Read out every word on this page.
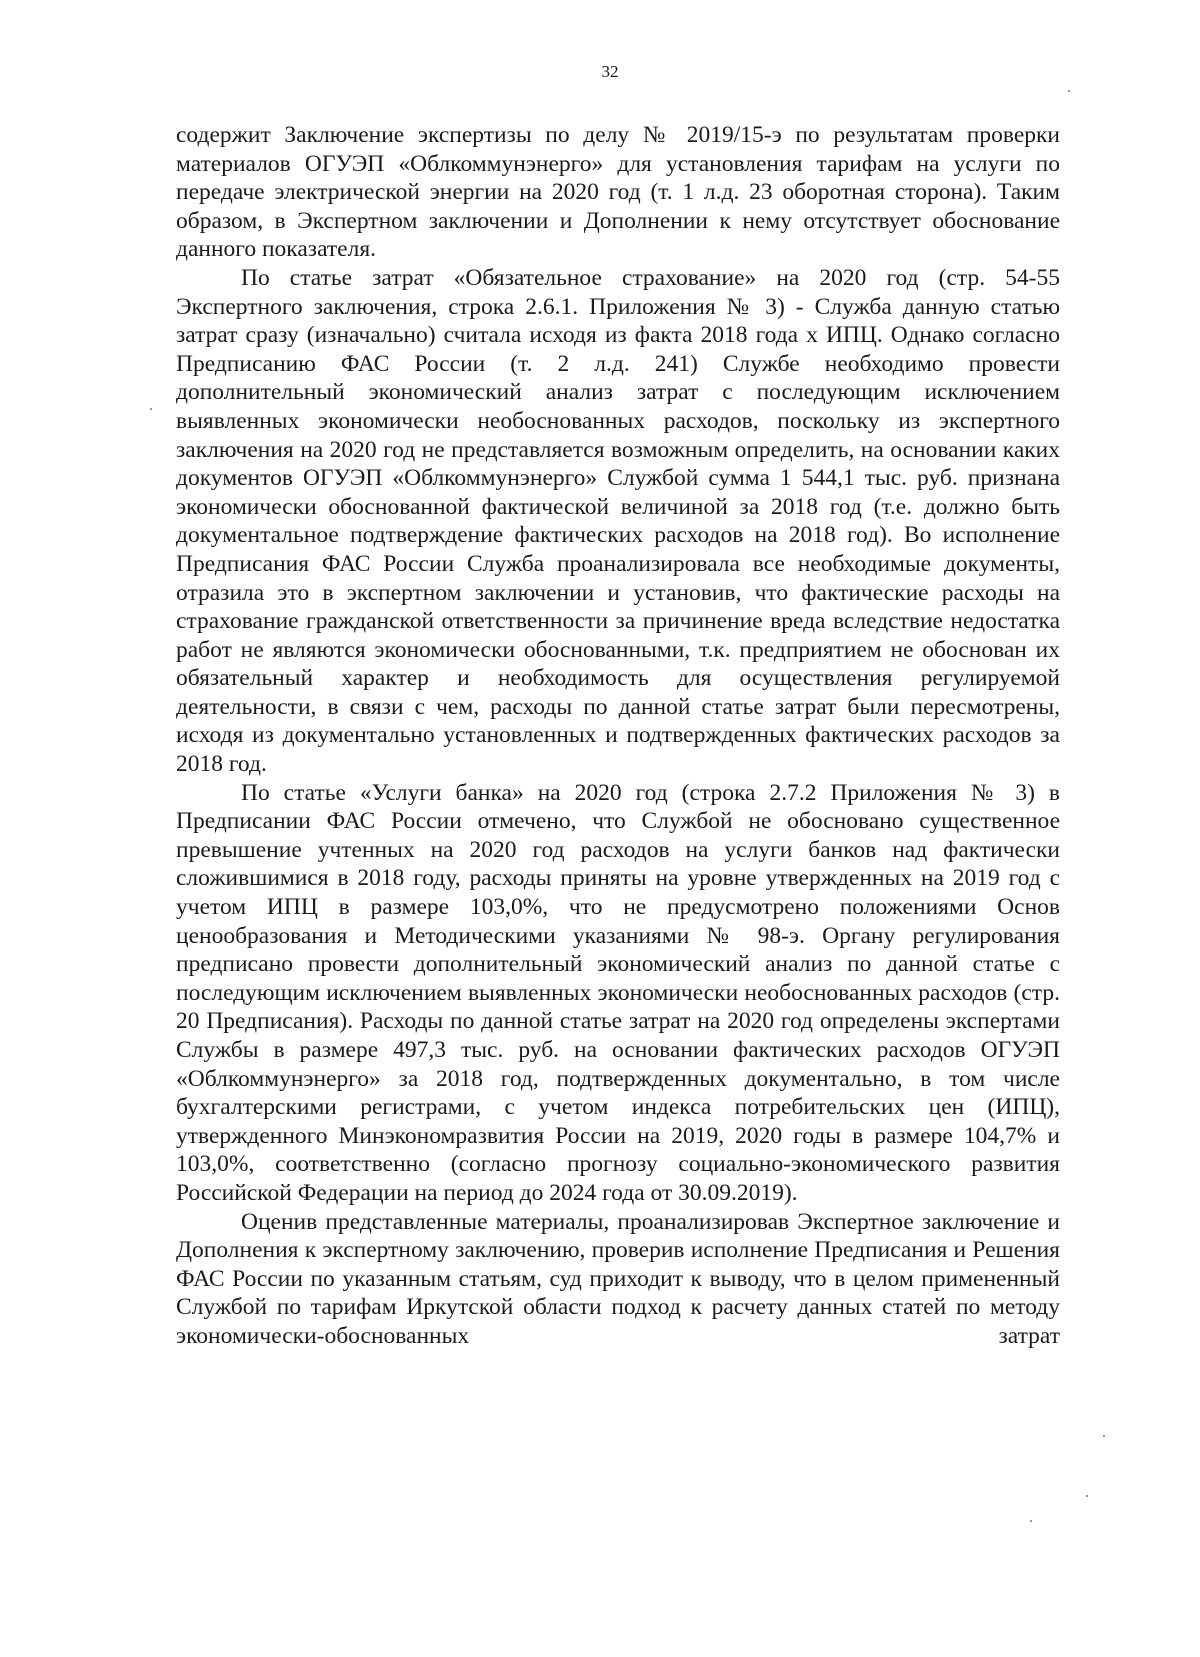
32

содержит Заключение экспертизы по делу № 2019/15-э по результатам проверки материалов ОГУЭП «Облкоммунэнерго» для установления тарифам на услуги по передаче электрической энергии на 2020 год (т. 1 л.д. 23 оборотная сторона). Таким образом, в Экспертном заключении и Дополнении к нему отсутствует обоснование данного показателя.

По статье затрат «Обязательное страхование» на 2020 год (стр. 54-55 Экспертного заключения, строка 2.6.1. Приложения № 3) - Служба данную статью затрат сразу (изначально) считала исходя из факта 2018 года х ИПЦ. Однако согласно Предписанию ФАС России (т. 2 л.д. 241) Службе необходимо провести дополнительный экономический анализ затрат с последующим исключением выявленных экономически необоснованных расходов, поскольку из экспертного заключения на 2020 год не представляется возможным определить, на основании каких документов ОГУЭП «Облкоммунэнерго» Службой сумма 1 544,1 тыс. руб. признана экономически обоснованной фактической величиной за 2018 год (т.е. должно быть документальное подтверждение фактических расходов на 2018 год). Во исполнение Предписания ФАС России Служба проанализировала все необходимые документы, отразила это в экспертном заключении и установив, что фактические расходы на страхование гражданской ответственности за причинение вреда вследствие недостатка работ не являются экономически обоснованными, т.к. предприятием не обоснован их обязательный характер и необходимость для осуществления регулируемой деятельности, в связи с чем, расходы по данной статье затрат были пересмотрены, исходя из документально установленных и подтвержденных фактических расходов за 2018 год.

По статье «Услуги банка» на 2020 год (строка 2.7.2 Приложения № 3) в Предписании ФАС России отмечено, что Службой не обосновано существенное превышение учтенных на 2020 год расходов на услуги банков над фактически сложившимися в 2018 году, расходы приняты на уровне утвержденных на 2019 год с учетом ИПЦ в размере 103,0%, что не предусмотрено положениями Основ ценообразования и Методическими указаниями № 98-э. Органу регулирования предписано провести дополнительный экономический анализ по данной статье с последующим исключением выявленных экономически необоснованных расходов (стр. 20 Предписания). Расходы по данной статье затрат на 2020 год определены экспертами Службы в размере 497,3 тыс. руб. на основании фактических расходов ОГУЭП «Облкоммунэнерго» за 2018 год, подтвержденных документально, в том числе бухгалтерскими регистрами, с учетом индекса потребительских цен (ИПЦ), утвержденного Минэкономразвития России на 2019, 2020 годы в размере 104,7% и 103,0%, соответственно (согласно прогнозу социально-экономического развития Российской Федерации на период до 2024 года от 30.09.2019).

Оценив представленные материалы, проанализировав Экспертное заключение и Дополнения к экспертному заключению, проверив исполнение Предписания и Решения ФАС России по указанным статьям, суд приходит к выводу, что в целом примененный Службой по тарифам Иркутской области подход к расчету данных статей по методу экономически-обоснованных затрат
